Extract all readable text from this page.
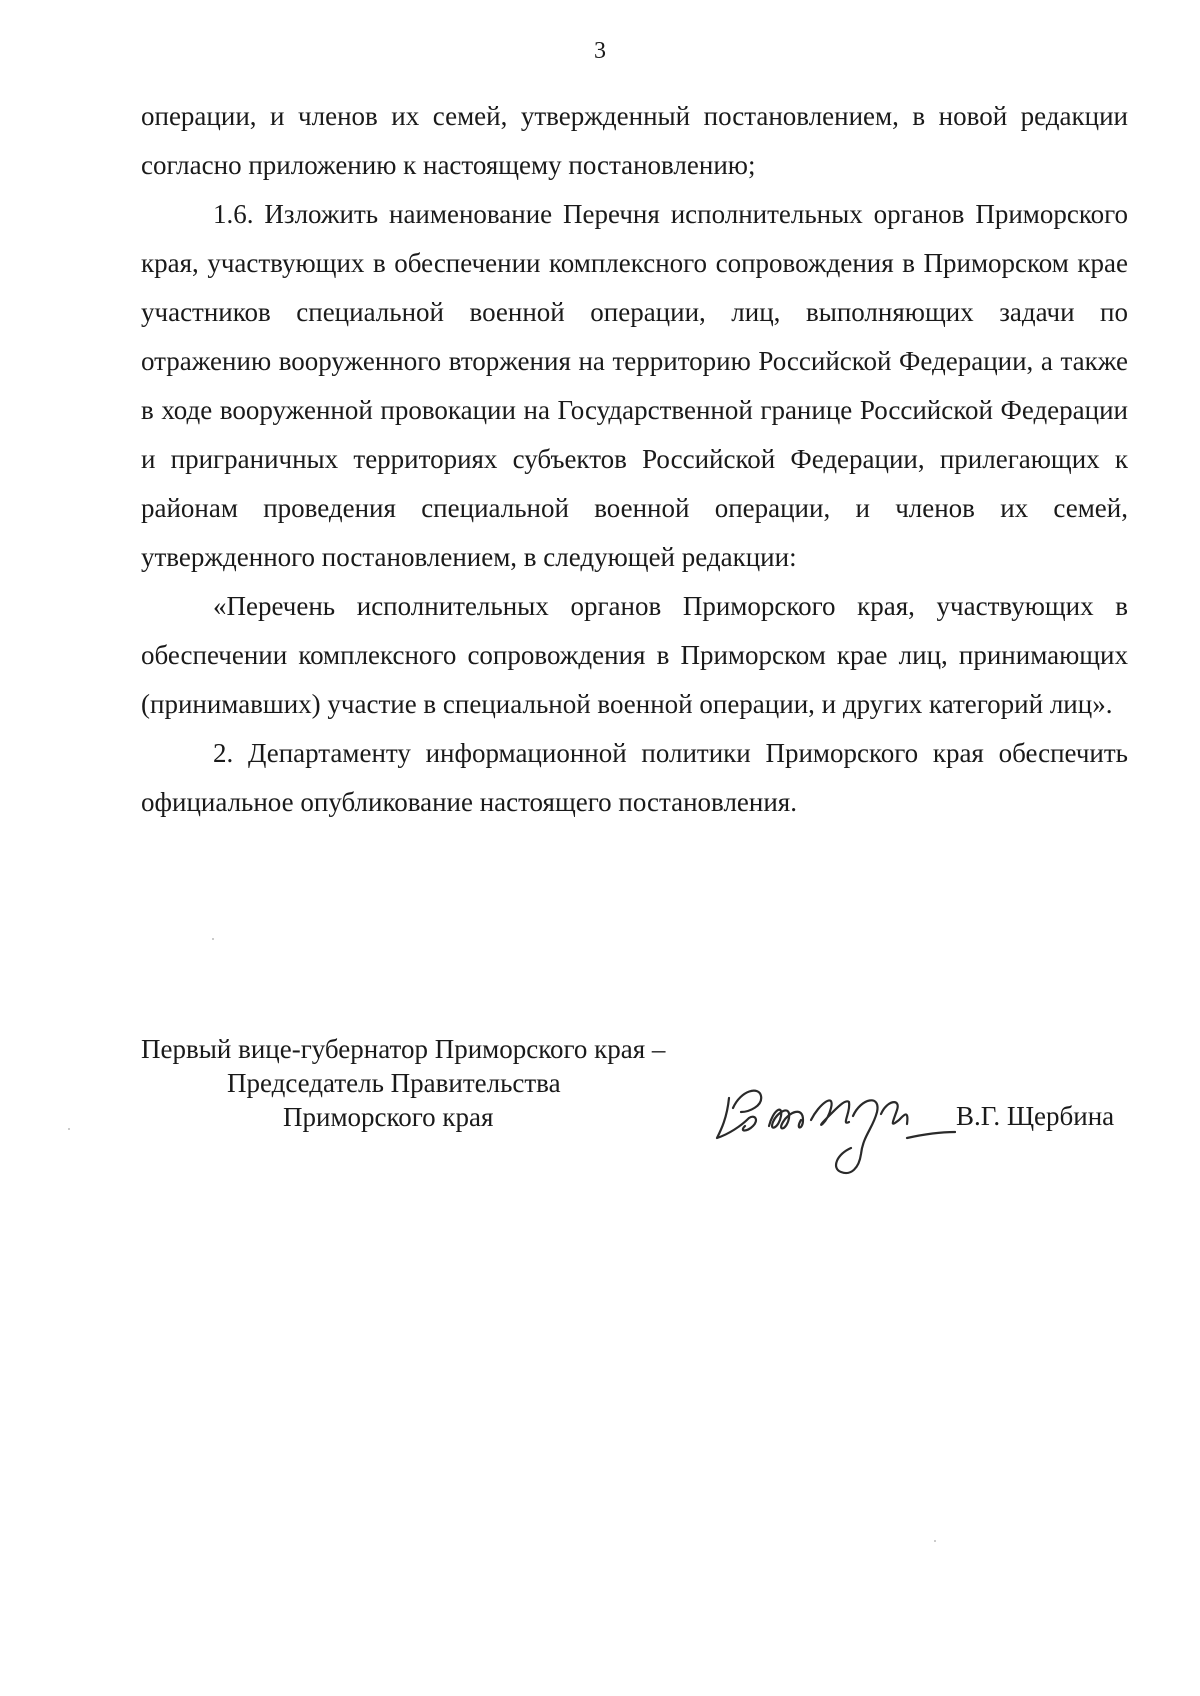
3

операции, и членов их семей, утвержденный постановлением, в новой редакции согласно приложению к настоящему постановлению;

1.6. Изложить наименование Перечня исполнительных органов Приморского края, участвующих в обеспечении комплексного сопровождения в Приморском крае участников специальной военной операции, лиц, выполняющих задачи по отражению вооруженного вторжения на территорию Российской Федерации, а также в ходе вооруженной провокации на Государственной границе Российской Федерации и приграничных территориях субъектов Российской Федерации, прилегающих к районам проведения специальной военной операции, и членов их семей, утвержденного постановлением, в следующей редакции:

«Перечень исполнительных органов Приморского края, участвующих в обеспечении комплексного сопровождения в Приморском крае лиц, принимающих (принимавших) участие в специальной военной операции, и других категорий лиц».

2. Департаменту информационной политики Приморского края обеспечить официальное опубликование настоящего постановления.

Первый вице-губернатор Приморского края –
Председатель Правительства
Приморского края	В.Г. Щербина
